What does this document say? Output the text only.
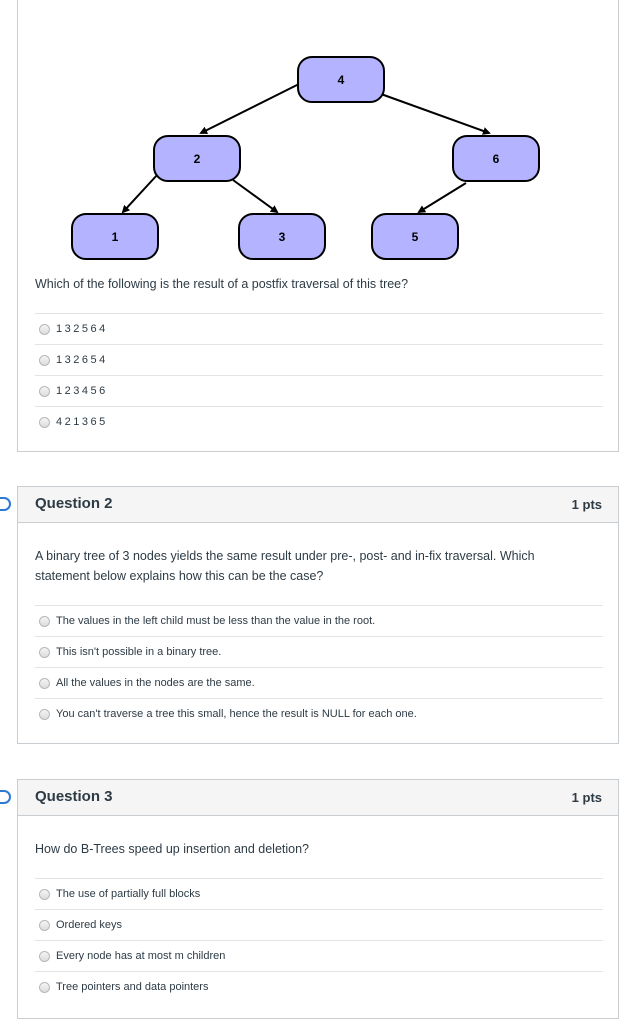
4
2	6
1	3	5
Which of the following is the result of a postfix traversal of this tree?
132564
132654
123456
421365
Question 2	1 pts
A binary tree of 3 nodes yields the same result under pre-, post- and in-fix traversal. Which statement below explains how this can be the case?
The values in the left child must be less than the value in the root.
This isn't possible in a binary tree.
All the values in the nodes are the same.
You can't traverse a tree this small, hence the result is NULL for each one.
Question 3	1 pts
How do B-Trees speed up insertion and deletion?
The use of partially full blocks
Ordered keys
Every node has at most m children
Tree pointers and data pointers
